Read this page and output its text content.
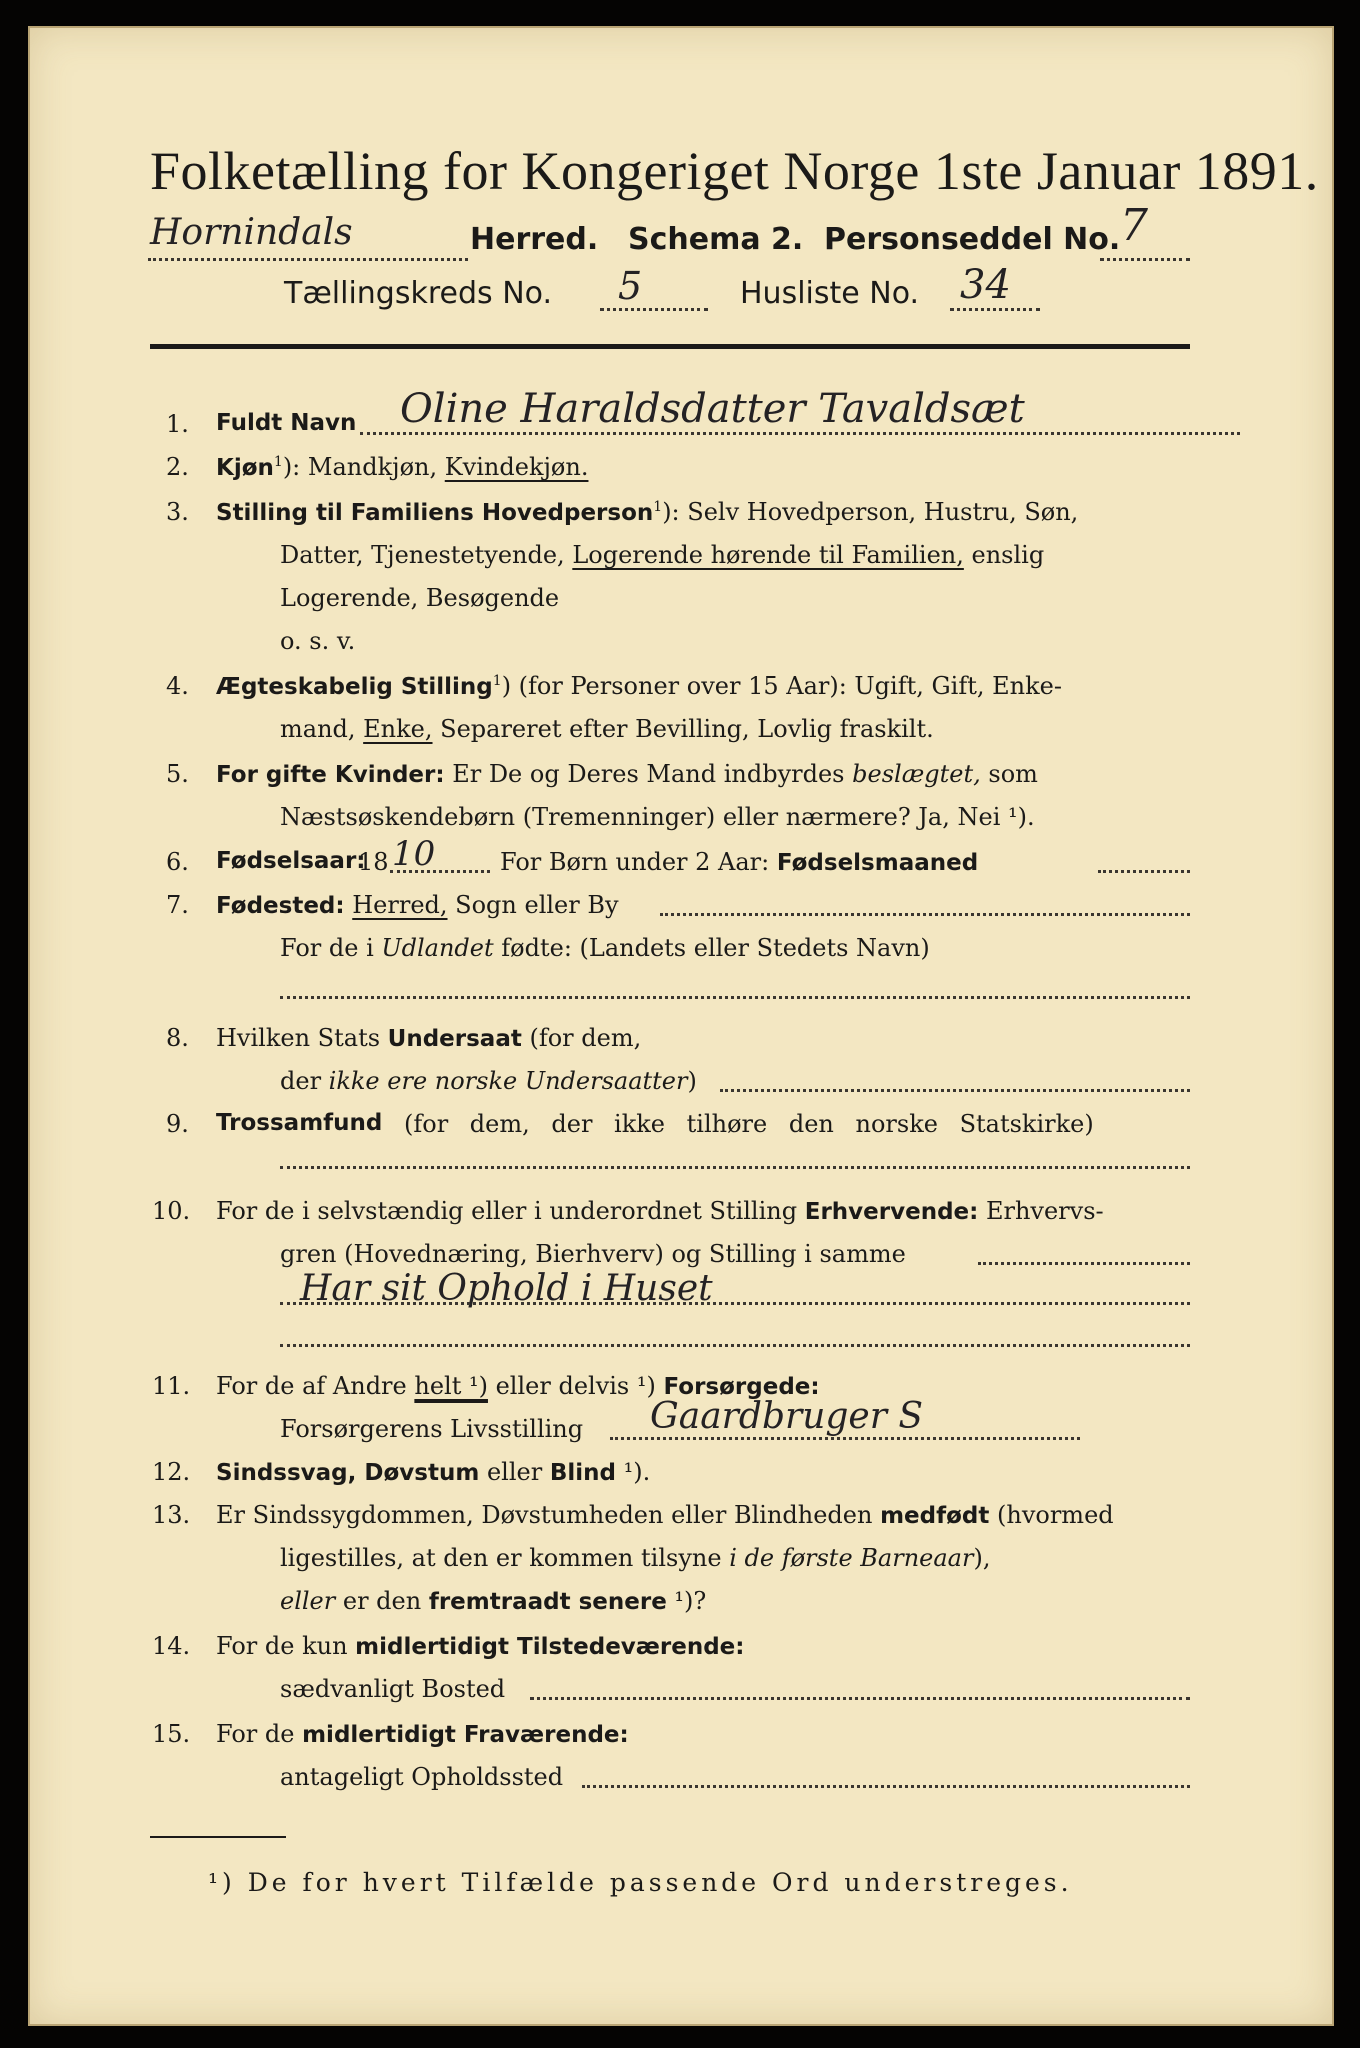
Folketælling for Kongeriget Norge 1ste Januar 1891.
Hornindals	Herred. Schema 2. Personseddel No. 7
Tællingskreds No. 5	Husliste No. 34
1. Fuldt Navn Oline Haraldsdatter Tavaldsæt
2. Kjøn$^1$): Mandkjøn, Kvindekjøn.
3. Stilling til Familiens Hovedperson$^1$): Selv Hovedperson, Hustru, Søn,
Datter, Tjenestetyende, Logerende hørende til Familien, enslig
Logerende, Besøgende
o. s. v.
4. Ægteskabelig Stilling$^1$) (for Personer over 15 Aar): Ugift, Gift, Enke-
mand, Enke, Separeret efter Bevilling, Lovlig fraskilt.
5. For gifte Kvinder: Er De og Deres Mand indbyrdes beslægtet, som
Næstsøskendebørn (Tremenninger) eller nærmere? Ja, Nei ¹).
6. Fødselsaar:
18 10	For Børn under 2 Aar: Fødselsmaaned
7. Fødested: Herred, Sogn eller By
For de i Udlandet fødte: (Landets eller Stedets Navn)
8. Hvilken Stats Undersaat (for dem,
der ikke ere norske Undersaatter)
9. Trossamfund (for dem, der ikke tilhøre den norske Statskirke)
10. For de i selvstændig eller i underordnet Stilling Erhvervende: Erhvervs-
gren (Hovednæring, Bierhverv) og Stilling i samme
Har sit Ophold i Huset
11. For de af Andre helt ¹) eller delvis ¹) Forsørgede:
Forsørgerens Livsstilling Gaardbruger S
12. Sindssvag, Døvstum eller Blind ¹).
13. Er Sindssygdommen, Døvstumheden eller Blindheden medfødt (hvormed
ligestilles, at den er kommen tilsyne i de første Barneaar),
eller er den fremtraadt senere ¹)?
14. For de kun midlertidigt Tilstedeværende:
sædvanligt Bosted
15. For de midlertidigt Fraværende:
antageligt Opholdssted
¹) De for hvert Tilfælde passende Ord understreges.
